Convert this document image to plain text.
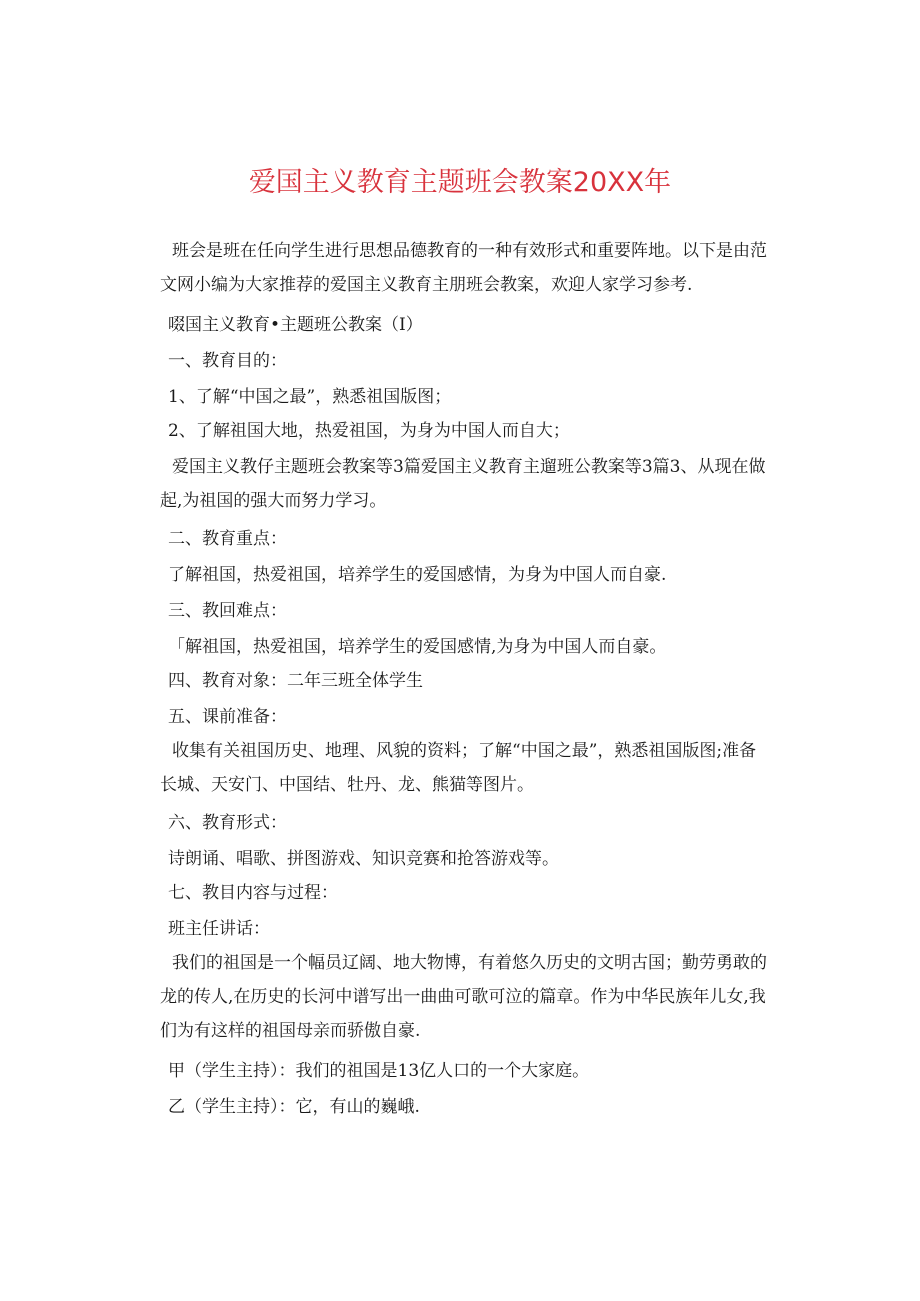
爱国主义教育主题班会教案20XX年
班会是班在任向学生进行思想品德教育的一种有效形式和重要阵地。以下是由范文网小编为大家推荐的爱国主义教育主朋班会教案，欢迎人家学习参考.
啜国主义教育•主题班公教案（I）
一、教育目的：
1、了解“中国之最”，熟悉祖国版图；
2、了解祖国大地，热爱祖国，为身为中国人而自大；
爱国主义教仔主题班会教案等3篇爱国主义教育主遛班公教案等3篇3、从现在做起,为祖国的强大而努力学习。
二、教育重点：
了解祖国，热爱祖国，培养学生的爱国感情，为身为中国人而自豪.
三、教回难点：
「解祖国，热爱祖国，培养学生的爱国感情,为身为中国人而自豪。
四、教育对象：二年三班全体学生
五、课前准备：
收集有关祖国历史、地理、风貌的资料；了解“中国之最”，熟悉祖国版图;准备长城、天安门、中国结、牡丹、龙、熊猫等图片。
六、教育形式：
诗朗诵、唱歌、拼图游戏、知识竞赛和抢答游戏等。
七、教目内容与过程：
班主任讲话：
我们的祖国是一个幅员辽阔、地大物博，有着悠久历史的文明古国；勤劳勇敢的龙的传人,在历史的长河中谱写出一曲曲可歌可泣的篇章。作为中华民族年儿女,我们为有这样的祖国母亲而骄傲自豪.
甲（学生主持）：我们的祖国是13亿人口的一个大家庭。
乙（学生主持）：它，有山的巍峨.
